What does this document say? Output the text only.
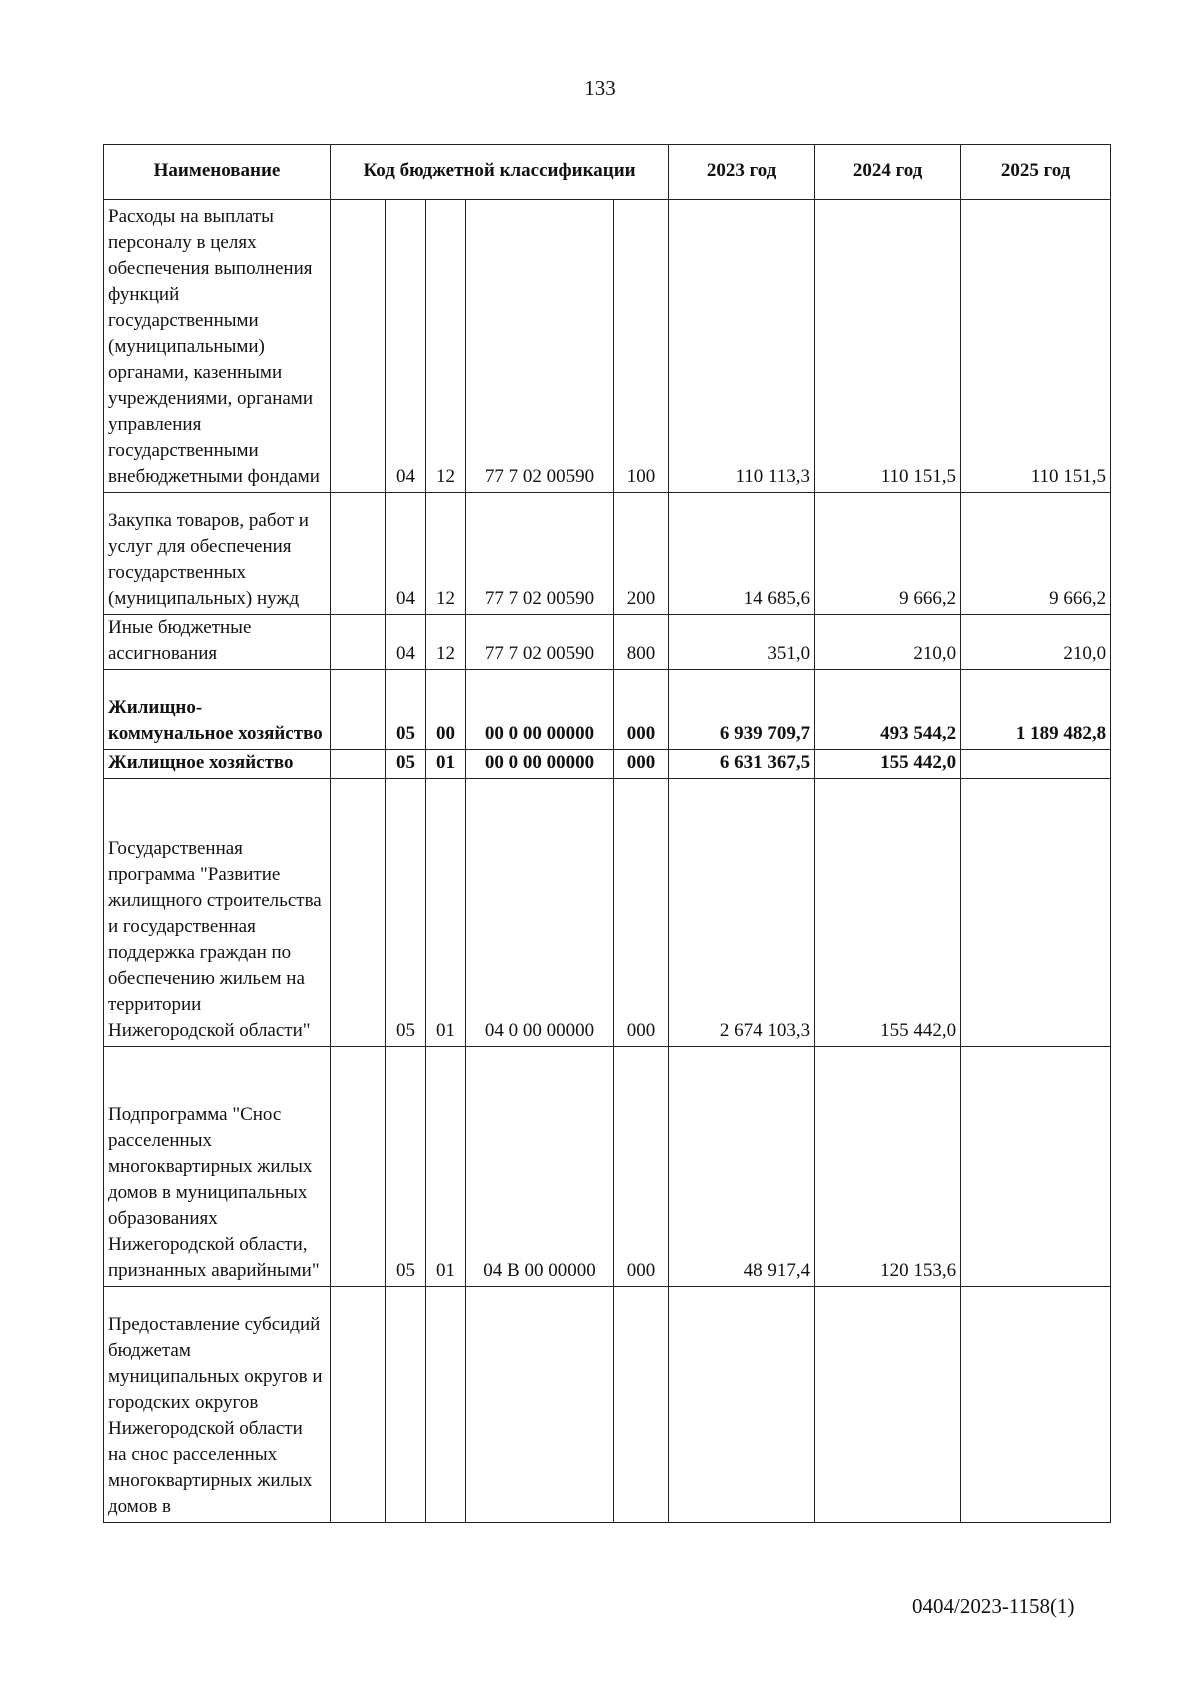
133
Наименование	Код бюджетной классификации					2023 год	2024 год	2025 год
Расходы на выплаты персоналу в целях обеспечения выполнения функций государственными (муниципальными) органами, казенными учреждениями, органами управления государственными внебюджетными фондами		04	12	77 7 02 00590	100	110 113,3	110 151,5	110 151,5
Закупка товаров, работ и услуг для обеспечения государственных (муниципальных) нужд		04	12	77 7 02 00590	200	14 685,6	9 666,2	9 666,2
Иные бюджетные ассигнования		04	12	77 7 02 00590	800	351,0	210,0	210,0
Жилищно-коммунальное хозяйство		05	00	00 0 00 00000	000	6 939 709,7	493 544,2	1 189 482,8
Жилищное хозяйство		05	01	00 0 00 00000	000	6 631 367,5	155 442,0	
Государственная программа "Развитие жилищного строительства и государственная поддержка граждан по обеспечению жильем на территории Нижегородской области"		05	01	04 0 00 00000	000	2 674 103,3	155 442,0	
Подпрограмма "Снос расселенных многоквартирных жилых домов в муниципальных образованиях Нижегородской области, признанных аварийными"		05	01	04 В 00 00000	000	48 917,4	120 153,6	
Предоставление субсидий бюджетам муниципальных округов и городских округов Нижегородской области на снос расселенных многоквартирных жилых домов в								
0404/2023-1158(1)
